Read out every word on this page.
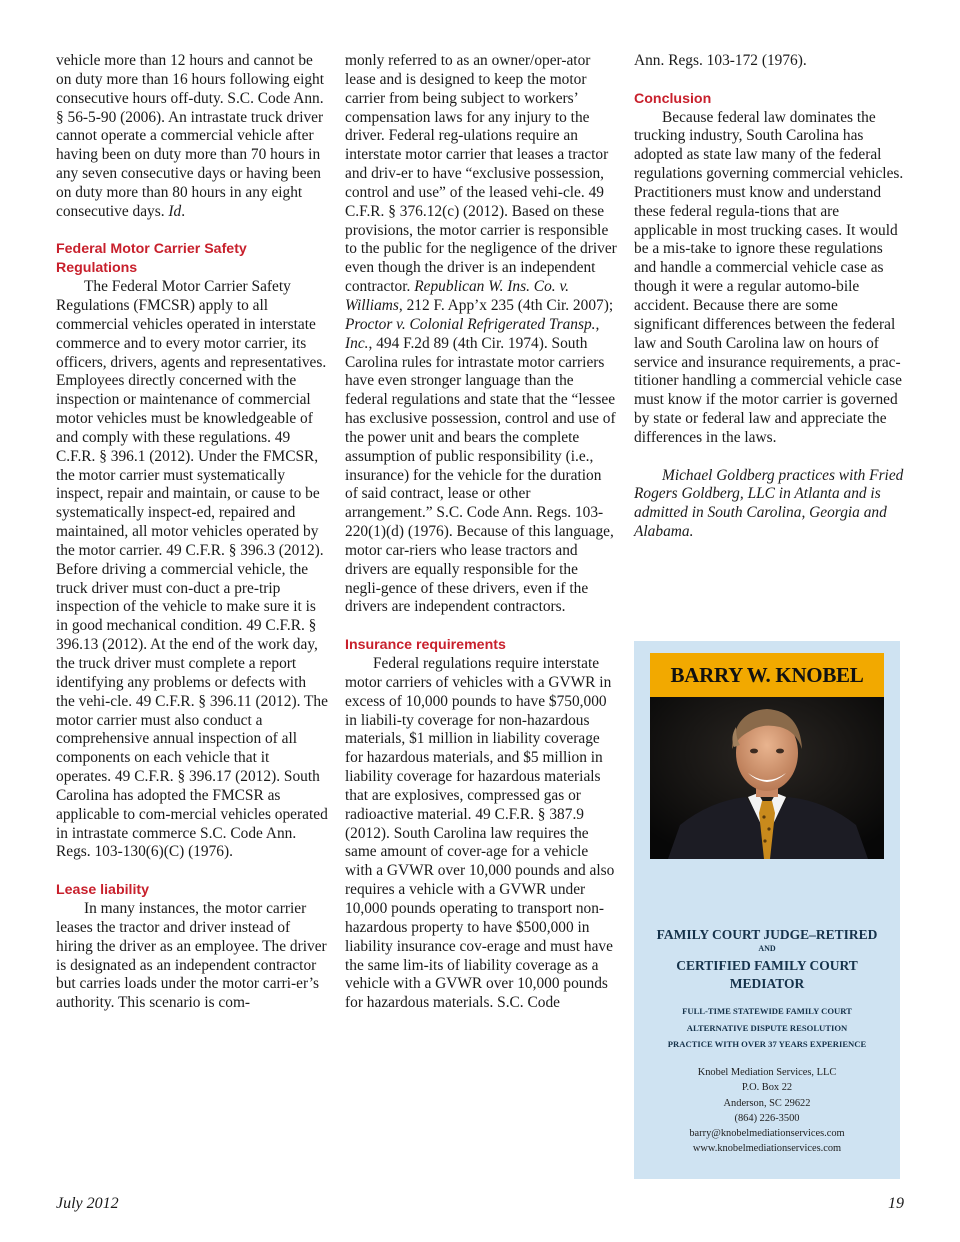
vehicle more than 12 hours and cannot be on duty more than 16 hours following eight consecutive hours off-duty. S.C. Code Ann. § 56-5-90 (2006). An intrastate truck driver cannot operate a commercial vehicle after having been on duty more than 70 hours in any seven consecutive days or having been on duty more than 80 hours in any eight consecutive days. Id.

Federal Motor Carrier Safety Regulations

The Federal Motor Carrier Safety Regulations (FMCSR) apply to all commercial vehicles operated in interstate commerce and to every motor carrier, its officers, drivers, agents and representatives. Employees directly concerned with the inspection or maintenance of commercial motor vehicles must be knowledgeable of and comply with these regulations. 49 C.F.R. § 396.1 (2012). Under the FMCSR, the motor carrier must systematically inspect, repair and maintain, or cause to be systematically inspect-ed, repaired and maintained, all motor vehicles operated by the motor carrier. 49 C.F.R. § 396.3 (2012). Before driving a commercial vehicle, the truck driver must con-duct a pre-trip inspection of the vehicle to make sure it is in good mechanical condition. 49 C.F.R. § 396.13 (2012). At the end of the work day, the truck driver must complete a report identifying any problems or defects with the vehi-cle. 49 C.F.R. § 396.11 (2012). The motor carrier must also conduct a comprehensive annual inspection of all components on each vehicle that it operates. 49 C.F.R. § 396.17 (2012). South Carolina has adopted the FMCSR as applicable to com-mercial vehicles operated in intrastate commerce S.C. Code Ann. Regs. 103-130(6)(C) (1976).

Lease liability

In many instances, the motor carrier leases the tractor and driver instead of hiring the driver as an employee. The driver is designated as an independent contractor but carries loads under the motor carri-er’s authority. This scenario is com-

monly referred to as an owner/oper-ator lease and is designed to keep the motor carrier from being subject to workers’ compensation laws for any injury to the driver. Federal reg-ulations require an interstate motor carrier that leases a tractor and driv-er to have “exclusive possession, control and use” of the leased vehi-cle. 49 C.F.R. § 376.12(c) (2012). Based on these provisions, the motor carrier is responsible to the public for the negligence of the driver even though the driver is an independent contractor. Republican W. Ins. Co. v. Williams, 212 F. App’x 235 (4th Cir. 2007); Proctor v. Colonial Refrigerated Transp., Inc., 494 F.2d 89 (4th Cir. 1974). South Carolina rules for intrastate motor carriers have even stronger language than the federal regulations and state that the “lessee has exclusive possession, control and use of the power unit and bears the complete assumption of public responsibility (i.e., insurance) for the vehicle for the duration of said contract, lease or other arrangement.” S.C. Code Ann. Regs. 103-220(1)(d) (1976). Because of this language, motor car-riers who lease tractors and drivers are equally responsible for the negli-gence of these drivers, even if the drivers are independent contractors.

Insurance requirements

Federal regulations require interstate motor carriers of vehicles with a GVWR in excess of 10,000 pounds to have $750,000 in liabili-ty coverage for non-hazardous materials, $1 million in liability coverage for hazardous materials, and $5 million in liability coverage for hazardous materials that are explosives, compressed gas or radioactive material. 49 C.F.R. § 387.9 (2012). South Carolina law requires the same amount of cover-age for a vehicle with a GVWR over 10,000 pounds and also requires a vehicle with a GVWR under 10,000 pounds operating to transport non-hazardous property to have $500,000 in liability insurance cov-erage and must have the same lim-its of liability coverage as a vehicle with a GVWR over 10,000 pounds for hazardous materials. S.C. Code

Ann. Regs. 103-172 (1976).

Conclusion

Because federal law dominates the trucking industry, South Carolina has adopted as state law many of the federal regulations governing commercial vehicles. Practitioners must know and understand these federal regula-tions that are applicable in most trucking cases. It would be a mis-take to ignore these regulations and handle a commercial vehicle case as though it were a regular automo-bile accident. Because there are some significant differences between the federal law and South Carolina law on hours of service and insurance requirements, a prac-titioner handling a commercial vehicle case must know if the motor carrier is governed by state or federal law and appreciate the differences in the laws.

Michael Goldberg practices with Fried Rogers Goldberg, LLC in Atlanta and is admitted in South Carolina, Georgia and Alabama.

BARRY W. KNOBEL
FAMILY COURT JUDGE–RETIRED
AND
CERTIFIED FAMILY COURT
MEDIATOR
FULL-TIME STATEWIDE FAMILY COURT
ALTERNATIVE DISPUTE RESOLUTION
PRACTICE WITH OVER 37 YEARS EXPERIENCE
Knobel Mediation Services, LLC
P.O. Box 22
Anderson, SC 29622
(864) 226-3500
barry@knobelmediationservices.com
www.knobelmediationservices.com
July 2012	19
